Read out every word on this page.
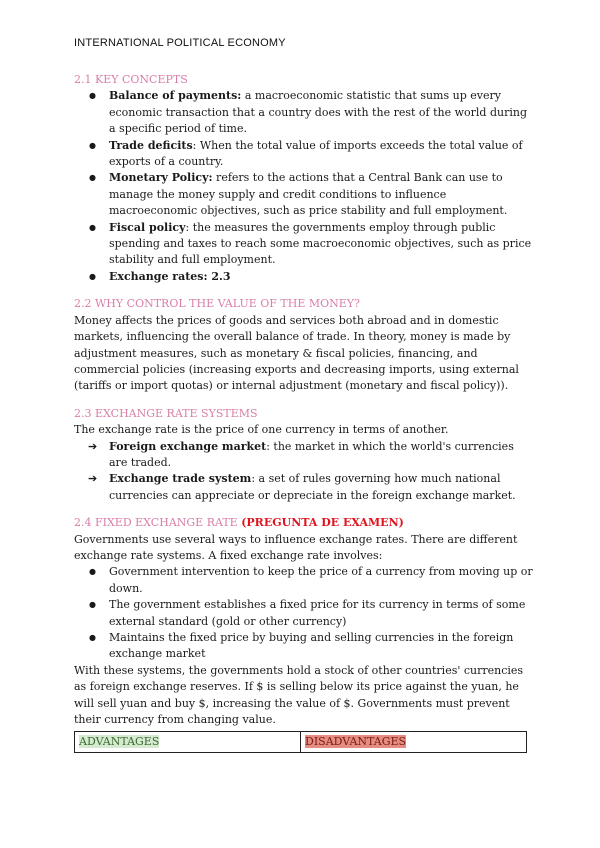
INTERNATIONAL POLITICAL ECONOMY

2.1 KEY CONCEPTS

● Balance of payments: a macroeconomic statistic that sums up every economic transaction that a country does with the rest of the world during a specific period of time.
● Trade deficits: When the total value of imports exceeds the total value of exports of a country.
● Monetary Policy: refers to the actions that a Central Bank can use to manage the money supply and credit conditions to influence macroeconomic objectives, such as price stability and full employment.
● Fiscal policy: the measures the governments employ through public spending and taxes to reach some macroeconomic objectives, such as price stability and full employment.
● Exchange rates: 2.3

2.2 WHY CONTROL THE VALUE OF THE MONEY?

Money affects the prices of goods and services both abroad and in domestic markets, influencing the overall balance of trade. In theory, money is made by adjustment measures, such as monetary & fiscal policies, financing, and commercial policies (increasing exports and decreasing imports, using external (tariffs or import quotas) or internal adjustment (monetary and fiscal policy)).

2.3 EXCHANGE RATE SYSTEMS

The exchange rate is the price of one currency in terms of another.

➔ Foreign exchange market: the market in which the world's currencies are traded.
➔ Exchange trade system: a set of rules governing how much national currencies can appreciate or depreciate in the foreign exchange market.

2.4 FIXED EXCHANGE RATE (PREGUNTA DE EXAMEN)

Governments use several ways to influence exchange rates. There are different exchange rate systems. A fixed exchange rate involves:

● Government intervention to keep the price of a currency from moving up or down.
● The government establishes a fixed price for its currency in terms of some external standard (gold or other currency)
● Maintains the fixed price by buying and selling currencies in the foreign exchange market

With these systems, the governments hold a stock of other countries' currencies as foreign exchange reserves. If $ is selling below its price against the yuan, he will sell yuan and buy $, increasing the value of $. Governments must prevent their currency from changing value.

ADVANTAGES	DISADVANTAGES
